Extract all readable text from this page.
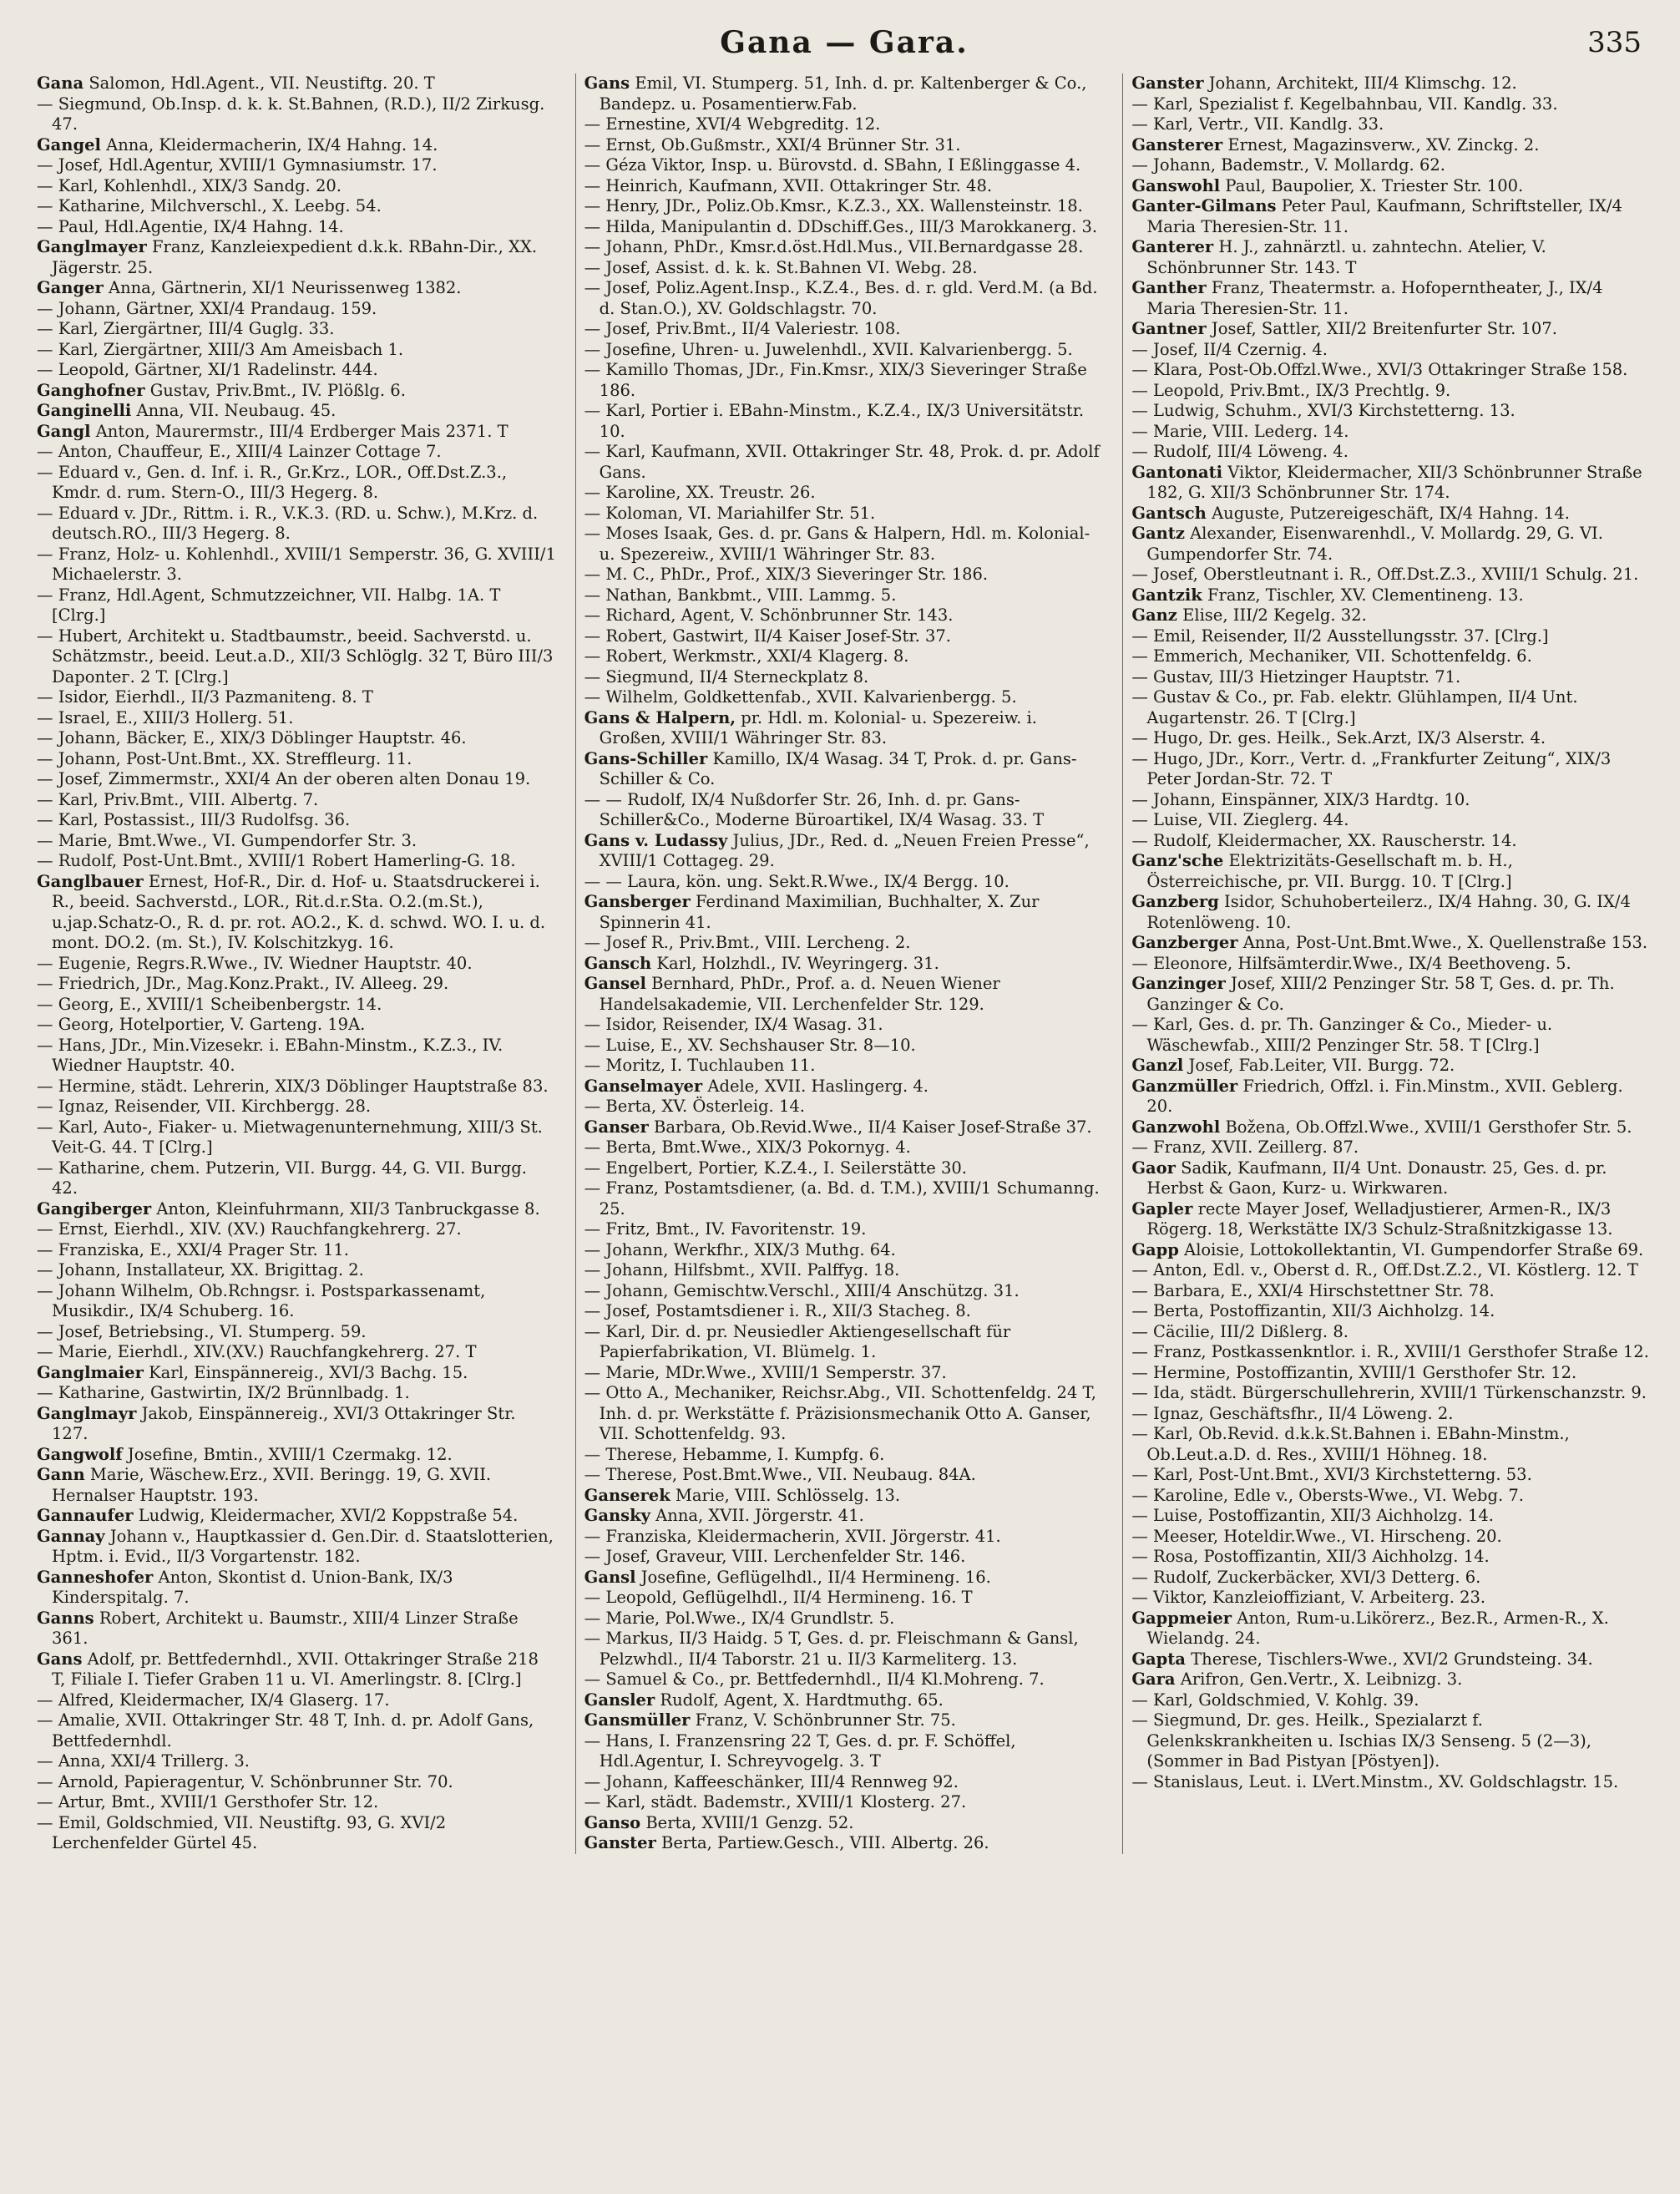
Gana — Gara.	335

Gana Salomon, Hdl.Agent., VII. Neustiftg. 20. T

— Siegmund, Ob.Insp. d. k. k. St.Bahnen, (R.D.), II/2 Zirkusg. 47.

Gangel Anna, Kleidermacherin, IX/4 Hahng. 14.

— Josef, Hdl.Agentur, XVIII/1 Gymnasiumstr. 17.

— Karl, Kohlenhdl., XIX/3 Sandg. 20.

— Katharine, Milchverschl., X. Leebg. 54.

— Paul, Hdl.Agentie, IX/4 Hahng. 14.

Ganglmayer Franz, Kanzleiexpedient d.k.k. RBahn-Dir., XX. Jägerstr. 25.

Ganger Anna, Gärtnerin, XI/1 Neurissenweg 1382.

— Johann, Gärtner, XXI/4 Prandaug. 159.

— Karl, Ziergärtner, III/4 Guglg. 33.

— Karl, Ziergärtner, XIII/3 Am Ameisbach 1.

— Leopold, Gärtner, XI/1 Radelinstr. 444.

Ganghofner Gustav, Priv.Bmt., IV. Plößlg. 6.

Ganginelli Anna, VII. Neubaug. 45.

Gangl Anton, Maurermstr., III/4 Erdberger Mais 2371. T

— Anton, Chauffeur, E., XIII/4 Lainzer Cottage 7.

— Eduard v., Gen. d. Inf. i. R., Gr.Krz., LOR., Off.Dst.Z.3., Kmdr. d. rum. Stern-O., III/3 Hegerg. 8.

— Eduard v. JDr., Rittm. i. R., V.K.3. (RD. u. Schw.), M.Krz. d. deutsch.RO., III/3 Hegerg. 8.

— Franz, Holz- u. Kohlenhdl., XVIII/1 Semperstr. 36, G. XVIII/1 Michaelerstr. 3.

— Franz, Hdl.Agent, Schmutzzeichner, VII. Halbg. 1A. T [Clrg.]

— Hubert, Architekt u. Stadtbaumstr., beeid. Sachverstd. u. Schätzmstr., beeid. Leut.a.D., XII/3 Schlöglg. 32 T, Büro III/3 Dapontег. 2 T. [Clrg.]

— Isidor, Eierhdl., II/3 Pazmanitеng. 8. T

— Israel, E., XIII/3 Hollerg. 51.

— Johann, Bäcker, E., XIX/3 Döblinger Hauptstr. 46.

— Johann, Post-Unt.Bmt., XX. Streffleurg. 11.

— Josef, Zimmermstr., XXI/4 An der oberen alten Donau 19.

— Karl, Priv.Bmt., VIII. Albertg. 7.

— Karl, Postassist., III/3 Rudolfsg. 36.

— Marie, Bmt.Wwe., VI. Gumpendorfer Str. 3.

— Rudolf, Post-Unt.Bmt., XVIII/1 Robert Hamerling-G. 18.

Ganglbauer Ernest, Hof-R., Dir. d. Hof- u. Staatsdruckerei i. R., beeid. Sachverstd., LOR., Rit.d.r.Sta. O.2.(m.St.), u.jap.Schatz-O., R. d. pr. rot. AO.2., K. d. schwd. WO. I. u. d. mont. DO.2. (m. St.), IV. Kolschitzkyg. 16.

— Eugenie, Regrs.R.Wwe., IV. Wiedner Hauptstr. 40.

— Friedrich, JDr., Mag.Konz.Prakt., IV. Alleeg. 29.

— Georg, E., XVIII/1 Scheibenbergstr. 14.

— Georg, Hotelportier, V. Garteng. 19A.

— Hans, JDr., Min.Vizesekr. i. EBahn-Minstm., K.Z.3., IV. Wiedner Hauptstr. 40.

— Hermine, städt. Lehrerin, XIX/3 Döblinger Hauptstraße 83.

— Ignaz, Reisender, VII. Kirchbergg. 28.

— Karl, Auto-, Fiaker- u. Mietwagenunternehmung, XIII/3 St. Veit-G. 44. T [Clrg.]

— Katharine, chem. Putzerin, VII. Burgg. 44, G. VII. Burgg. 42.

Gangiberger Anton, Kleinfuhrmann, XII/3 Tanbruckgasse 8.

— Ernst, Eierhdl., XIV. (XV.) Rauchfangkehrerg. 27.

— Franziska, E., XXI/4 Prager Str. 11.

— Johann, Installateur, XX. Brigittag. 2.

— Johann Wilhelm, Ob.Rchngsr. i. Postsparkassenamt, Musikdir., IX/4 Schuberg. 16.

— Josef, Betriebsing., VI. Stumperg. 59.

— Marie, Eierhdl., XIV.(XV.) Rauchfangkehrerg. 27. T

Ganglmaier Karl, Einspännereig., XVI/3 Bachg. 15.

— Katharine, Gastwirtin, IX/2 Brünnlbadg. 1.

Ganglmayr Jakob, Einspännereig., XVI/3 Ottakringer Str. 127.

Gangwolf Josefine, Bmtin., XVIII/1 Czermakg. 12.

Gann Marie, Wäschew.Erz., XVII. Beringg. 19, G. XVII. Hernalser Hauptstr. 193.

Gannaufer Ludwig, Kleidermacher, XVI/2 Koppstraße 54.

Gannay Johann v., Hauptkassier d. Gen.Dir. d. Staatslotterien, Hptm. i. Evid., II/3 Vorgartenstr. 182.

Ganneshofer Anton, Skontist d. Union-Bank, IX/3 Kinderspitalg. 7.

Ganns Robert, Architekt u. Baumstr., XIII/4 Linzer Straße 361.

Gans Adolf, pr. Bettfedernhdl., XVII. Ottakringer Straße 218 T, Filiale I. Tiefer Graben 11 u. VI. Amerlingstr. 8. [Clrg.]

— Alfred, Kleidermacher, IX/4 Glaserg. 17.

— Amalie, XVII. Ottakringer Str. 48 T, Inh. d. pr. Adolf Gans, Bettfedernhdl.

— Anna, XXI/4 Trillerg. 3.

— Arnold, Papieragentur, V. Schönbrunner Str. 70.

— Artur, Bmt., XVIII/1 Gersthofer Str. 12.

— Emil, Goldschmied, VII. Neustiftg. 93, G. XVI/2 Lerchenfelder Gürtel 45.

Gans Emil, VI. Stumperg. 51, Inh. d. pr. Kaltenberger & Co., Bandерz. u. Posamentierw.Fab.

— Ernestine, XVI/4 Wеbgrеditg. 12.

— Ernst, Ob.Gußmstr., XXI/4 Brünner Str. 31.

— Géza Viktor, Insp. u. Bürovstd. d. SBahn, I Eßlinggasse 4.

— Heinrich, Kaufmann, XVII. Ottakringer Str. 48.

— Henry, JDr., Poliz.Ob.Kmsr., K.Z.3., XX. Wallensteinstr. 18.

— Hilda, Manipulantin d. DDschiff.Ges., III/3 Marokkanerg. 3.

— Johann, PhDr., Kmsr.d.öst.Hdl.Mus., VII.Bernardgasse 28.

— Josef, Assist. d. k. k. St.Bahnen VI. Webg. 28.

— Josef, Poliz.Agent.Insp., K.Z.4., Bes. d. r. gld. Verd.M. (a Bd. d. Stan.O.), XV. Goldschlagstr. 70.

— Josef, Priv.Bmt., II/4 Valeriestr. 108.

— Josefine, Uhren- u. Juwelenhdl., XVII. Kalvarienbergg. 5.

— Kamillo Thomas, JDr., Fin.Kmsr., XIX/3 Sieveringer Straße 186.

— Karl, Portier i. EBahn-Minstm., K.Z.4., IX/3 Universitätstr. 10.

— Karl, Kaufmann, XVII. Ottakringer Str. 48, Prok. d. pr. Adolf Gans.

— Karoline, XX. Treustr. 26.

— Koloman, VI. Mariahilfer Str. 51.

— Moses Isaak, Ges. d. pr. Gans & Halpern, Hdl. m. Kolonial- u. Spezereiw., XVIII/1 Währinger Str. 83.

— M. C., PhDr., Prof., XIX/3 Sieveringer Str. 186.

— Nathan, Bankbmt., VIII. Lammg. 5.

— Richard, Agent, V. Schönbrunner Str. 143.

— Robert, Gastwirt, II/4 Kaiser Josef-Str. 37.

— Robert, Werkmstr., XXI/4 Klagerg. 8.

— Siegmund, II/4 Sterneckplatz 8.

— Wilhelm, Goldkettenfab., XVII. Kalvarienbergg. 5.

Gans & Halpern, pr. Hdl. m. Kolonial- u. Spezereiw. i. Großen, XVIII/1 Währinger Str. 83.

Gans-Schiller Kamillo, IX/4 Wasag. 34 T, Prok. d. pr. Gans-Schiller & Co.

— — Rudolf, IX/4 Nußdorfer Str. 26, Inh. d. pr. Gans-Schiller&Co., Moderne Büroartikel, IX/4 Wasag. 33. T

Gans v. Ludassy Julius, JDr., Red. d. „Neuen Freien Presse“, XVIII/1 Cottageg. 29.

— — Laura, kön. ung. Sekt.R.Wwe., IX/4 Bergg. 10.

Gansberger Ferdinand Maximilian, Buchhalter, X. Zur Spinnerin 41.

— Josef R., Priv.Bmt., VIII. Lercheng. 2.

Gansch Karl, Holzhdl., IV. Weyringerg. 31.

Gansel Bernhard, PhDr., Prof. a. d. Neuen Wiener Handelsakademie, VII. Lerchenfelder Str. 129.

— Isidor, Reisender, IX/4 Wasag. 31.

— Luise, E., XV. Sechshauser Str. 8—10.

— Moritz, I. Tuchlauben 11.

Ganselmayer Adele, XVII. Haslingerg. 4.

— Berta, XV. Österleig. 14.

Ganser Barbara, Ob.Revid.Wwe., II/4 Kaiser Josef-Straße 37.

— Berta, Bmt.Wwe., XIX/3 Pokornyg. 4.

— Engelbert, Portier, K.Z.4., I. Seilerstätte 30.

— Franz, Postamtsdiener, (a. Bd. d. T.M.), XVIII/1 Schumanng. 25.

— Fritz, Bmt., IV. Favoritenstr. 19.

— Johann, Werkfhr., XIX/3 Muthg. 64.

— Johann, Hilfsbmt., XVII. Palffyg. 18.

— Johann, Gemischtw.Verschl., XIII/4 Anschützg. 31.

— Josef, Postamtsdiener i. R., XII/3 Stacheg. 8.

— Karl, Dir. d. pr. Neusiedler Aktiengesellschaft für Papierfabrikation, VI. Blümelg. 1.

— Marie, MDr.Wwe., XVIII/1 Semperstr. 37.

— Otto A., Mechaniker, Reichsr.Abg., VII. Schottenfeldg. 24 T, Inh. d. pr. Werkstätte f. Präzisionsmechanik Otto A. Ganser, VII. Schottenfeldg. 93.

— Therese, Hebamme, I. Kumpfg. 6.

— Therese, Post.Bmt.Wwe., VII. Neubaug. 84A.

Ganserek Marie, VIII. Schlösselg. 13.

Gansky Anna, XVII. Jörgerstr. 41.

— Franziska, Kleidermacherin, XVII. Jörgerstr. 41.

— Josef, Graveur, VIII. Lerchenfelder Str. 146.

Gansl Josefine, Geflügelhdl., II/4 Hermineng. 16.

— Leopold, Geflügelhdl., II/4 Hermineng. 16. T

— Marie, Pol.Wwe., IX/4 Grundlstr. 5.

— Markus, II/3 Haidg. 5 T, Ges. d. pr. Fleischmann & Gansl, Pelzwhdl., II/4 Taborstr. 21 u. II/3 Karmeliterg. 13.

— Samuel & Co., pr. Bettfedernhdl., II/4 Kl.Mohreng. 7.

Gansler Rudolf, Agent, X. Hardtmuthg. 65.

Gansmüller Franz, V. Schönbrunner Str. 75.

— Hans, I. Franzensring 22 T, Ges. d. pr. F. Schöffel, Hdl.Agentur, I. Schreyvogelg. 3. T

— Johann, Kaffeeschänker, III/4 Rennweg 92.

— Karl, städt. Bademstr., XVIII/1 Klosterg. 27.

Ganso Berta, XVIII/1 Genzg. 52.

Ganster Berta, Partiew.Gesch., VIII. Albertg. 26.

Ganster Johann, Architekt, III/4 Klimschg. 12.

— Karl, Spezialist f. Kegelbahnbau, VII. Kandlg. 33.

— Karl, Vertr., VII. Kandlg. 33.

Gansterer Ernest, Magazinsverw., XV. Zinckg. 2.

— Johann, Bademstr., V. Mollardg. 62.

Ganswohl Paul, Baupolier, X. Triester Str. 100.

Ganter-Gilmans Peter Paul, Kaufmann, Schriftsteller, IX/4 Maria Theresien-Str. 11.

Ganterer H. J., zahnärztl. u. zahntechn. Atelier, V. Schönbrunner Str. 143. T

Ganther Franz, Theatermstr. a. Hofoperntheater, J., IX/4 Maria Theresien-Str. 11.

Gantner Josef, Sattler, XII/2 Breitenfurter Str. 107.

— Josef, II/4 Czernig. 4.

— Klara, Post-Ob.Offzl.Wwe., XVI/3 Ottakringer Straße 158.

— Leopold, Priv.Bmt., IX/3 Prechtlg. 9.

— Ludwig, Schuhm., XVI/3 Kirchstetterng. 13.

— Marie, VIII. Lederg. 14.

— Rudolf, III/4 Löweng. 4.

Gantonati Viktor, Kleidermacher, XII/3 Schönbrunner Straße 182, G. XII/3 Schönbrunner Str. 174.

Gantsch Auguste, Putzereigeschäft, IX/4 Hahng. 14.

Gantz Alexander, Eisenwarenhdl., V. Mollardg. 29, G. VI. Gumpendorfer Str. 74.

— Josef, Oberstleutnant i. R., Off.Dst.Z.3., XVIII/1 Schulg. 21.

Gantzik Franz, Tischler, XV. Clementineng. 13.

Ganz Elise, III/2 Kegelg. 32.

— Emil, Reisender, II/2 Ausstellungsstr. 37. [Clrg.]

— Emmerich, Mechaniker, VII. Schottenfeldg. 6.

— Gustav, III/3 Hietzinger Hauptstr. 71.

— Gustav & Co., pr. Fab. elektr. Glühlampen, II/4 Unt. Augartenstr. 26. T [Clrg.]

— Hugo, Dr. ges. Heilk., Sek.Arzt, IX/3 Alserstr. 4.

— Hugo, JDr., Korr., Vertr. d. „Frankfurter Zeitung“, XIX/3 Peter Jordan-Str. 72. T

— Johann, Einspänner, XIX/3 Hardtg. 10.

— Luise, VII. Zieglerg. 44.

— Rudolf, Kleidermacher, XX. Rauscherstr. 14.

Ganz'sche Elektrizitäts-Gesellschaft m. b. H., Österreichische, pr. VII. Burgg. 10. T [Clrg.]

Ganzberg Isidor, Schuhoberteilerz., IX/4 Hahng. 30, G. IX/4 Rotenlöweng. 10.

Ganzberger Anna, Post-Unt.Bmt.Wwe., X. Quellenstraße 153.

— Eleonore, Hilfsämterdir.Wwe., IX/4 Beethoveng. 5.

Ganzinger Josef, XIII/2 Penzinger Str. 58 T, Ges. d. pr. Th. Ganzinger & Co.

— Karl, Ges. d. pr. Th. Ganzinger & Co., Mieder- u. Wäschewfab., XIII/2 Penzinger Str. 58. T [Clrg.]

Ganzl Josef, Fab.Leiter, VII. Burgg. 72.

Ganzmüller Friedrich, Offzl. i. Fin.Minstm., XVII. Geblerg. 20.

Ganzwohl Božena, Ob.Offzl.Wwe., XVIII/1 Gersthofer Str. 5.

— Franz, XVII. Zeillerg. 87.

Gaor Sadik, Kaufmann, II/4 Unt. Donaustr. 25, Ges. d. pr. Herbst & Gaon, Kurz- u. Wirkwaren.

Gapler recte Mayer Josef, Welladjustierer, Armen-R., IX/3 Rögerg. 18, Werkstätte IX/3 Schulz-Straßnitzkigasse 13.

Gapp Aloisie, Lottokollektantin, VI. Gumpendorfer Straße 69.

— Anton, Edl. v., Oberst d. R., Off.Dst.Z.2., VI. Köstlerg. 12. T

— Barbara, E., XXI/4 Hirschstettner Str. 78.

— Berta, Postoffizantin, XII/3 Aichholzg. 14.

— Cäcilie, III/2 Dißlerg. 8.

— Franz, Postkassenkntlor. i. R., XVIII/1 Gersthofer Straße 12.

— Hermine, Postoffizantin, XVIII/1 Gersthofer Str. 12.

— Ida, städt. Bürgerschullehrerin, XVIII/1 Türkenschanzstr. 9.

— Ignaz, Geschäftsfhr., II/4 Löweng. 2.

— Karl, Ob.Revid. d.k.k.St.Bahnen i. EBahn-Minstm., Ob.Leut.a.D. d. Res., XVIII/1 Höhneg. 18.

— Karl, Post-Unt.Bmt., XVI/3 Kirchstetterng. 53.

— Karoline, Edle v., Obersts-Wwe., VI. Webg. 7.

— Luise, Postoffizantin, XII/3 Aichholzg. 14.

— Meeser, Hoteldir.Wwe., VI. Hirscheng. 20.

— Rosa, Postoffizantin, XII/3 Aichholzg. 14.

— Rudolf, Zuckerbäcker, XVI/3 Detterg. 6.

— Viktor, Kanzleioffiziant, V. Arbeiterg. 23.

Gappmeier Anton, Rum-u.Likörerz., Bez.R., Armen-R., X. Wielandg. 24.

Gapta Therese, Tischlers-Wwe., XVI/2 Grundsteing. 34.

Gara Arifron, Gen.Vertr., X. Leibnizg. 3.

— Karl, Goldschmied, V. Kohlg. 39.

— Siegmund, Dr. ges. Heilk., Spezialarzt f. Gelenkskrankheiten u. Ischias IX/3 Sensеng. 5 (2—3), (Sommer in Bad Pistyan [Pöstyen]).

— Stanislaus, Leut. i. LVert.Minstm., XV. Goldschlagstr. 15.
